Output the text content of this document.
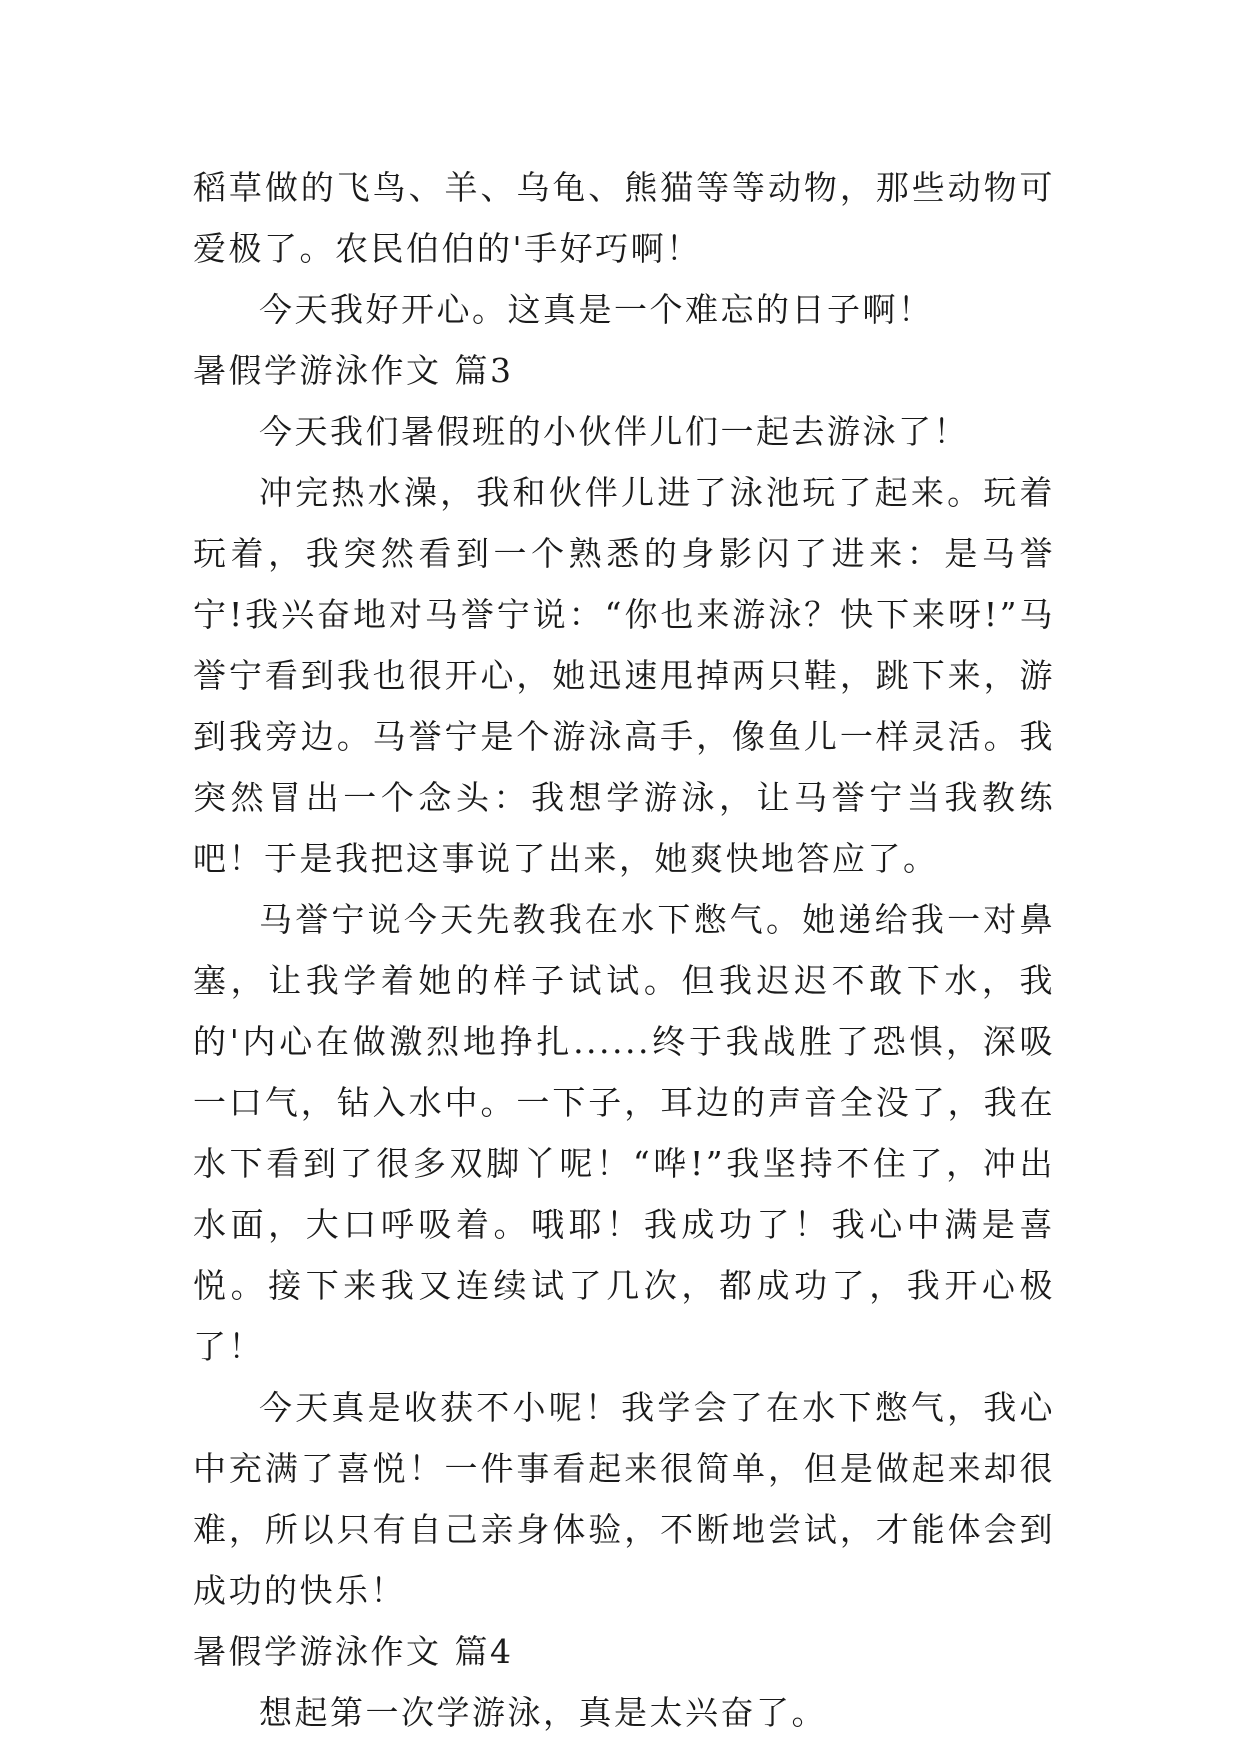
稻草做的飞鸟、羊、乌龟、熊猫等等动物，那些动物可爱极了。农民伯伯的'手好巧啊！

今天我好开心。这真是一个难忘的日子啊！

暑假学游泳作文 篇3

今天我们暑假班的小伙伴儿们一起去游泳了！

冲完热水澡，我和伙伴儿进了泳池玩了起来。玩着玩着，我突然看到一个熟悉的身影闪了进来：是马誉宁!我兴奋地对马誉宁说：“你也来游泳？快下来呀!”马誉宁看到我也很开心，她迅速甩掉两只鞋，跳下来，游到我旁边。马誉宁是个游泳高手，像鱼儿一样灵活。我突然冒出一个念头：我想学游泳，让马誉宁当我教练吧！于是我把这事说了出来，她爽快地答应了。

马誉宁说今天先教我在水下憋气。她递给我一对鼻塞，让我学着她的样子试试。但我迟迟不敢下水，我的'内心在做激烈地挣扎......终于我战胜了恐惧，深吸一口气，钻入水中。一下子，耳边的声音全没了，我在水下看到了很多双脚丫呢！“哗!”我坚持不住了，冲出水面，大口呼吸着。哦耶！我成功了！我心中满是喜悦。接下来我又连续试了几次，都成功了，我开心极了！

今天真是收获不小呢！我学会了在水下憋气，我心中充满了喜悦！一件事看起来很简单，但是做起来却很难，所以只有自己亲身体验，不断地尝试，才能体会到成功的快乐！

暑假学游泳作文 篇4

想起第一次学游泳，真是太兴奋了。
